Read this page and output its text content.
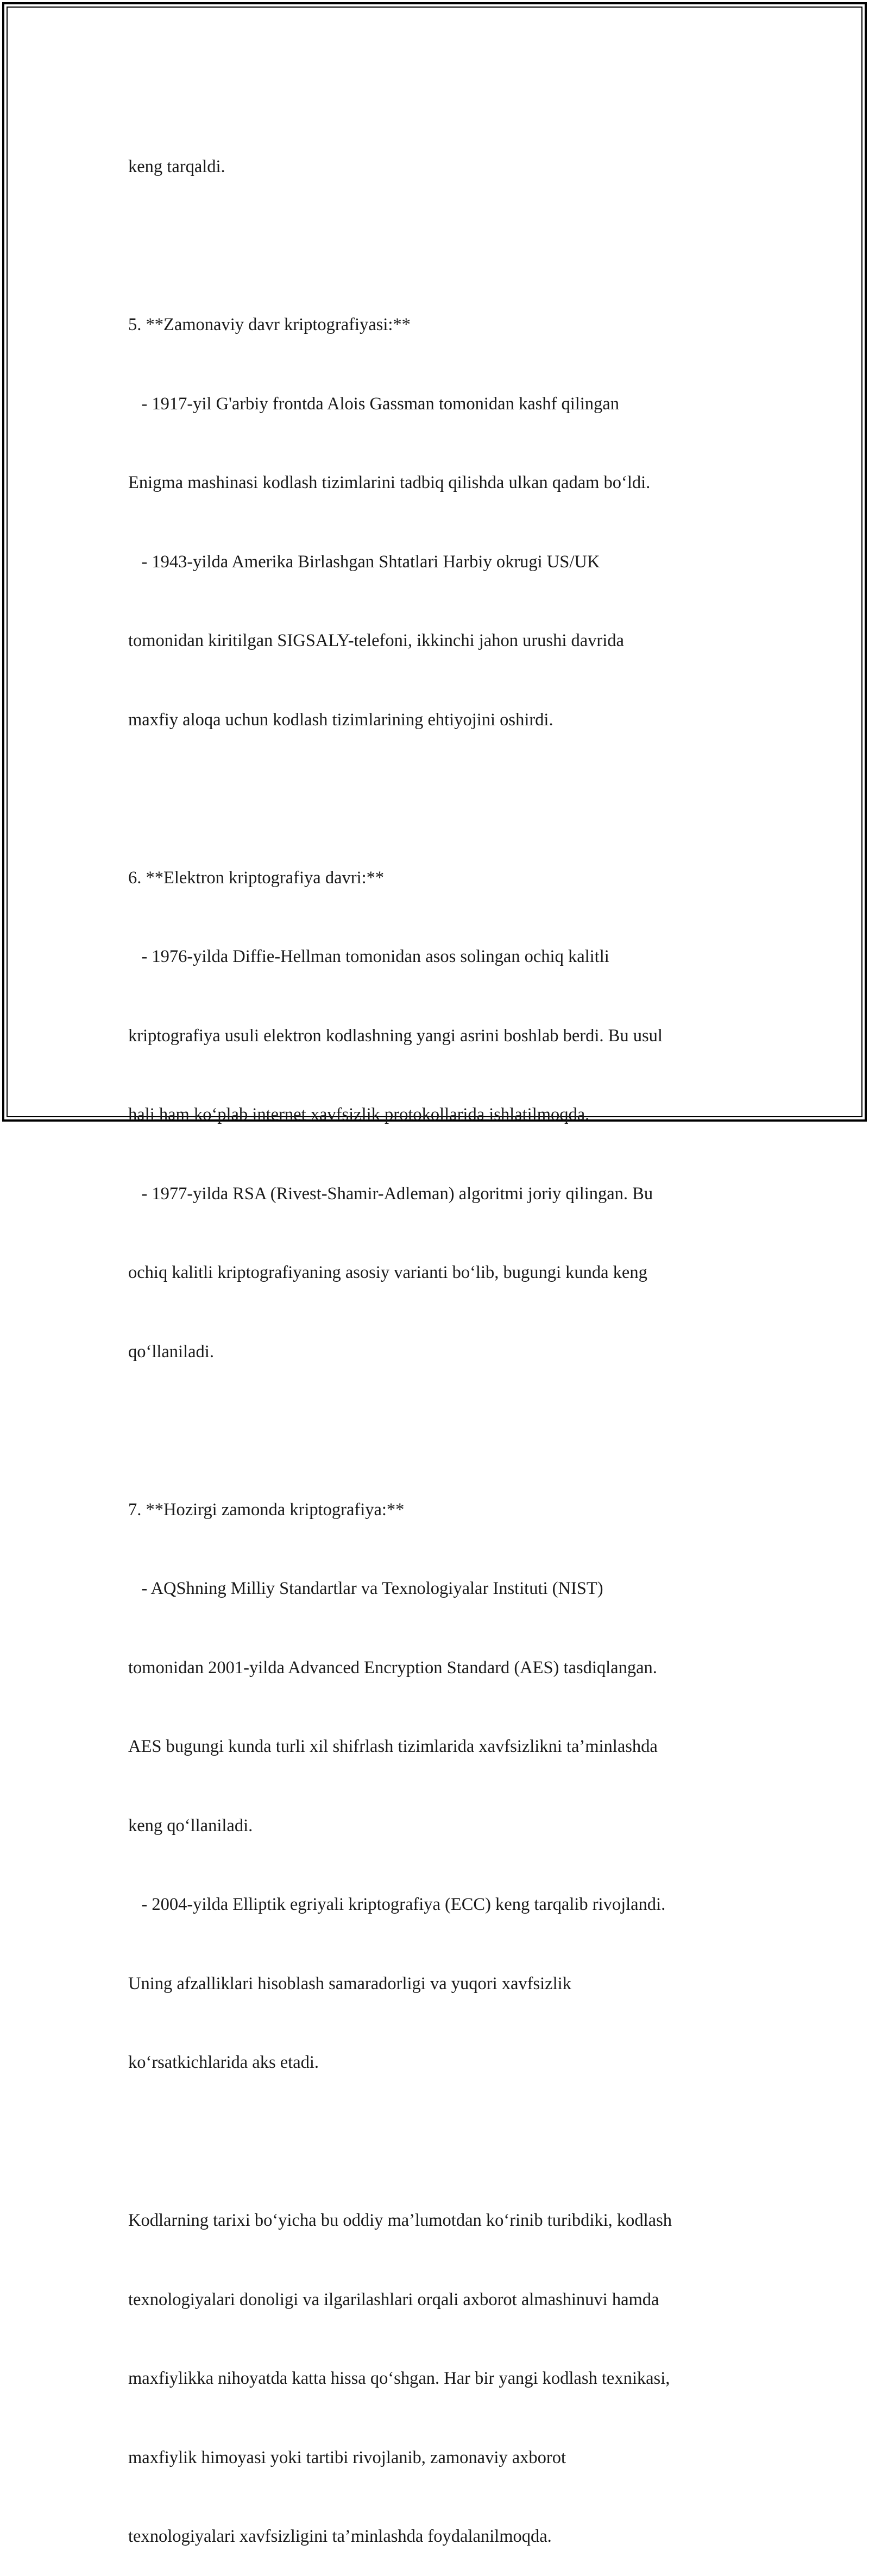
keng tarqaldi.

5. **Zamonaviy davr kriptografiyasi:**

- 1917-yil G'arbiy frontda Alois Gassman tomonidan kashf qilingan

Enigma mashinasi kodlash tizimlarini tadbiq qilishda ulkan qadam bo‘ldi.

- 1943-yilda Amerika Birlashgan Shtatlari Harbiy okrugi US/UK

tomonidan kiritilgan SIGSALY-telefoni, ikkinchi jahon urushi davrida

maxfiy aloqa uchun kodlash tizimlarining ehtiyojini oshirdi.

6. **Elektron kriptografiya davri:**

- 1976-yilda Diffie-Hellman tomonidan asos solingan ochiq kalitli

kriptografiya usuli elektron kodlashning yangi asrini boshlab berdi. Bu usul

hali ham ko‘plab internet xavfsizlik protokollarida ishlatilmoqda.

- 1977-yilda RSA (Rivest-Shamir-Adleman) algoritmi joriy qilingan. Bu

ochiq kalitli kriptografiyaning asosiy varianti bo‘lib, bugungi kunda keng

qo‘llaniladi.

7. **Hozirgi zamonda kriptografiya:**

- AQShning Milliy Standartlar va Texnologiyalar Instituti (NIST)

tomonidan 2001-yilda Advanced Encryption Standard (AES) tasdiqlangan.

AES bugungi kunda turli xil shifrlash tizimlarida xavfsizlikni ta’minlashda

keng qo‘llaniladi.

- 2004-yilda Elliptik egriyali kriptografiya (ECC) keng tarqalib rivojlandi.

Uning afzalliklari hisoblash samaradorligi va yuqori xavfsizlik

ko‘rsatkichlarida aks etadi.

Kodlarning tarixi bo‘yicha bu oddiy ma’lumotdan ko‘rinib turibdiki, kodlash

texnologiyalari donoligi va ilgarilashlari orqali axborot almashinuvi hamda

maxfiylikka nihoyatda katta hissa qo‘shgan. Har bir yangi kodlash texnikasi,

maxfiylik himoyasi yoki tartibi rivojlanib, zamonaviy axborot

texnologiyalari xavfsizligini ta’minlashda foydalanilmoqda.
